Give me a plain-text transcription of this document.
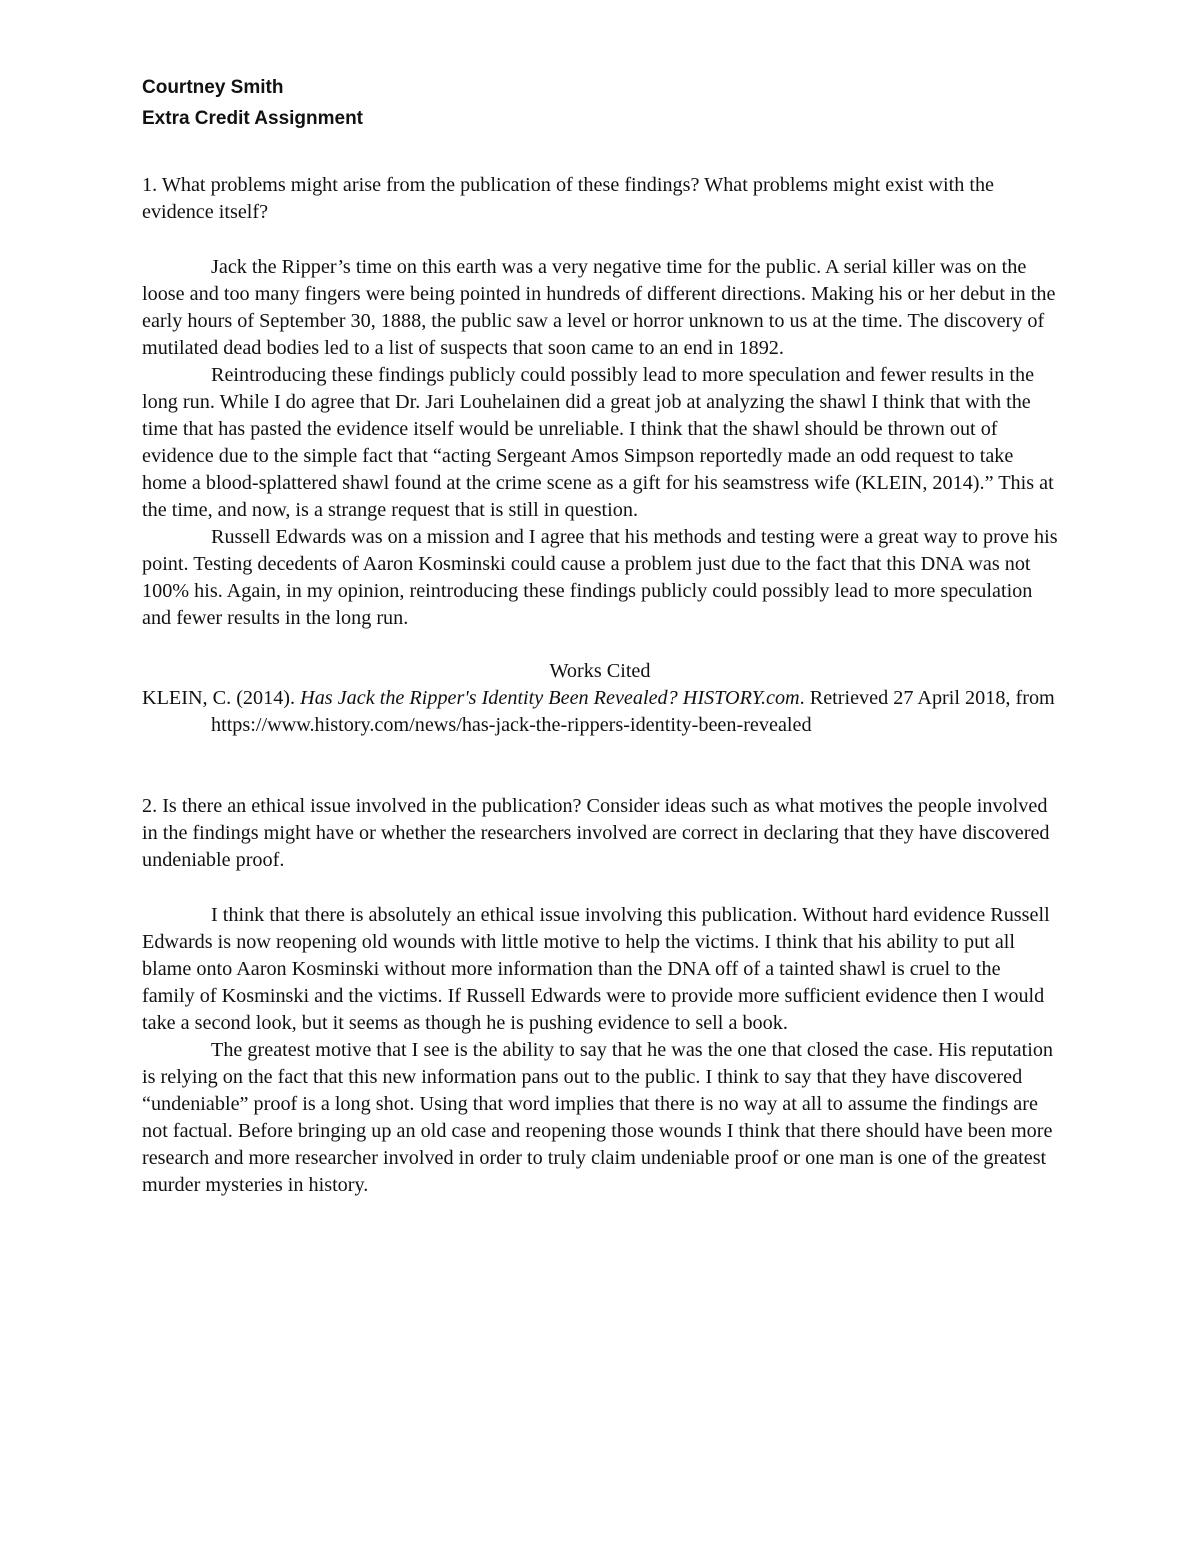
Courtney Smith

Extra Credit Assignment

1. What problems might arise from the publication of these findings? What problems might exist with the evidence itself?

Jack the Ripper’s time on this earth was a very negative time for the public. A serial killer was on the loose and too many fingers were being pointed in hundreds of different directions. Making his or her debut in the early hours of September 30, 1888, the public saw a level or horror unknown to us at the time. The discovery of mutilated dead bodies led to a list of suspects that soon came to an end in 1892.

Reintroducing these findings publicly could possibly lead to more speculation and fewer results in the long run. While I do agree that Dr. Jari Louhelainen did a great job at analyzing the shawl I think that with the time that has pasted the evidence itself would be unreliable. I think that the shawl should be thrown out of evidence due to the simple fact that “acting Sergeant Amos Simpson reportedly made an odd request to take home a blood-splattered shawl found at the crime scene as a gift for his seamstress wife (KLEIN, 2014).” This at the time, and now, is a strange request that is still in question.

Russell Edwards was on a mission and I agree that his methods and testing were a great way to prove his point. Testing decedents of Aaron Kosminski could cause a problem just due to the fact that this DNA was not 100% his. Again, in my opinion, reintroducing these findings publicly could possibly lead to more speculation and fewer results in the long run.

Works Cited

KLEIN, C. (2014). Has Jack the Ripper's Identity Been Revealed? HISTORY.com. Retrieved 27 April 2018, from https://www.history.com/news/has-jack-the-rippers-identity-been-revealed

2. Is there an ethical issue involved in the publication? Consider ideas such as what motives the people involved in the findings might have or whether the researchers involved are correct in declaring that they have discovered undeniable proof.

I think that there is absolutely an ethical issue involving this publication. Without hard evidence Russell Edwards is now reopening old wounds with little motive to help the victims. I think that his ability to put all blame onto Aaron Kosminski without more information than the DNA off of a tainted shawl is cruel to the family of Kosminski and the victims. If Russell Edwards were to provide more sufficient evidence then I would take a second look, but it seems as though he is pushing evidence to sell a book.

The greatest motive that I see is the ability to say that he was the one that closed the case. His reputation is relying on the fact that this new information pans out to the public. I think to say that they have discovered “undeniable” proof is a long shot. Using that word implies that there is no way at all to assume the findings are not factual. Before bringing up an old case and reopening those wounds I think that there should have been more research and more researcher involved in order to truly claim undeniable proof or one man is one of the greatest murder mysteries in history.
